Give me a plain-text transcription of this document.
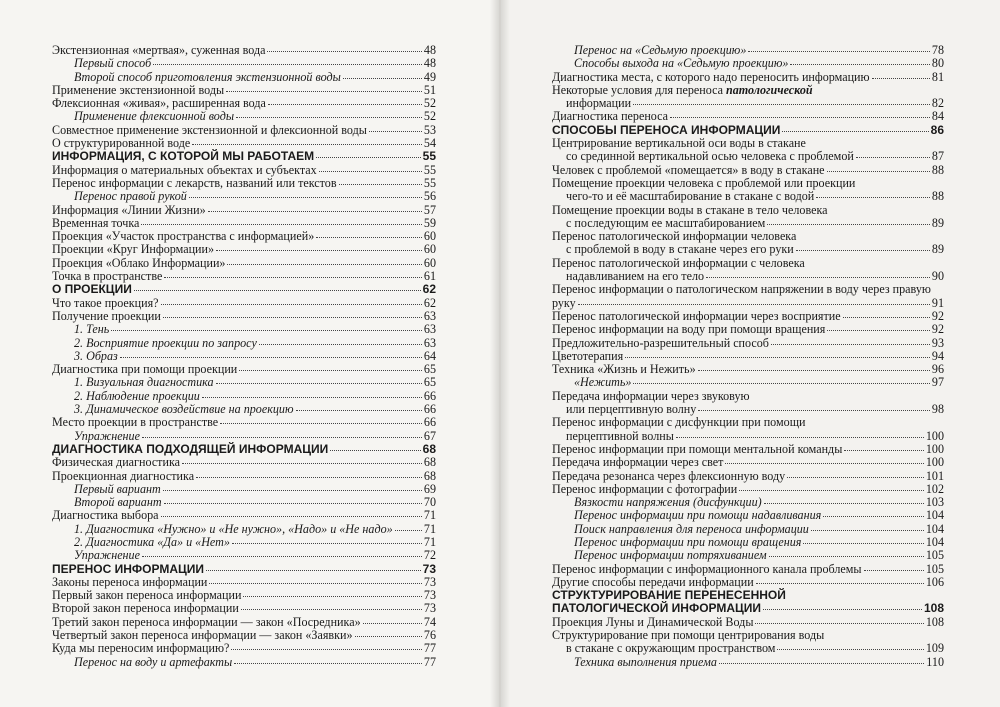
Экстензионная «мертвая», суженная вода	48
Первый способ	48
Второй способ приготовления экстензионной воды	49
Применение экстензионной воды	51
Флексионная «живая», расширенная вода	52
Применение флексионной воды	52
Совместное применение экстензионной и флексионной воды	53
О структурированной воде	54
ИНФОРМАЦИЯ, С КОТОРОЙ МЫ РАБОТАЕМ	55
Информация о материальных объектах и субъектах	55
Перенос информации с лекарств, названий или текстов	55
Перенос правой рукой	56
Информация «Линии Жизни»	57
Временная точка	59
Проекция «Участок пространства с информацией»	60
Проекции «Круг Информации»	60
Проекция «Облако Информации»	60
Точка в пространстве	61
О ПРОЕКЦИИ	62
Что такое проекция?	62
Получение проекции	63
1. Тень	63
2. Восприятие проекции по запросу	63
3. Образ	64
Диагностика при помощи проекции	65
1. Визуальная диагностика	65
2. Наблюдение проекции	66
3. Динамическое воздействие на проекцию	66
Место проекции в пространстве	66
Упражнение	67
ДИАГНОСТИКА ПОДХОДЯЩЕЙ ИНФОРМАЦИИ	68
Физическая диагностика	68
Проекционная диагностика	68
Первый вариант	69
Второй вариант	70
Диагностика выбора	71
1. Диагностика «Нужно» и «Не нужно», «Надо» и «Не надо»	71
2. Диагностика «Да» и «Нет»	71
Упражнение	72
ПЕРЕНОС ИНФОРМАЦИИ	73
Законы переноса информации	73
Первый закон переноса информации	73
Второй закон переноса информации	73
Третий закон переноса информации — закон «Посредника»	74
Четвертый закон переноса информации — закон «Заявки»	76
Куда мы переносим информацию?	77
Перенос на воду и артефакты	77
Перенос на «Седьмую проекцию»	78
Способы выхода на «Седьмую проекцию»	80
Диагностика места, с которого надо переносить информацию	81
Некоторые условия для переноса патологической
информации	82
Диагностика переноса	84
СПОСОБЫ ПЕРЕНОСА ИНФОРМАЦИИ	86
Центрирование вертикальной оси воды в стакане
со срединной вертикальной осью человека с проблемой	87
Человек с проблемой «помещается» в воду в стакане	88
Помещение проекции человека с проблемой или проекции
чего-то и её масштабирование в стакане с водой	88
Помещение проекции воды в стакане в тело человека
с последующим ее масштабированием	89
Перенос патологической информации человека
с проблемой в воду в стакане через его руки	89
Перенос патологической информации с человека
надавливанием на его тело	90
Перенос информации о патологическом напряжении в воду через правую
руку	91
Перенос патологической информации через восприятие	92
Перенос информации на воду при помощи вращения	92
Предложительно-разрешительный способ	93
Цветотерапия	94
Техника «Жизнь и Нежить»	96
«Нежить»	97
Передача информации через звуковую
или перцептивную волну	98
Перенос информации с дисфункции при помощи
перцептивной волны	100
Перенос информации при помощи ментальной команды	100
Передача информации через свет	100
Передача резонанса через флексионную воду	101
Перенос информации с фотографии	102
Вязкости напряжения (дисфункции)	103
Перенос информации при помощи надавливания	104
Поиск направления для переноса информации	104
Перенос информации при помощи вращения	104
Перенос информации потряхиванием	105
Перенос информации с информационного канала проблемы	105
Другие способы передачи информации	106
СТРУКТУРИРОВАНИЕ ПЕРЕНЕСЕННОЙ
ПАТОЛОГИЧЕСКОЙ ИНФОРМАЦИИ	108
Проекция Луны и Динамической Воды	108
Структурирование при помощи центрирования воды
в стакане с окружающим пространством	109
Техника выполнения приема	110
